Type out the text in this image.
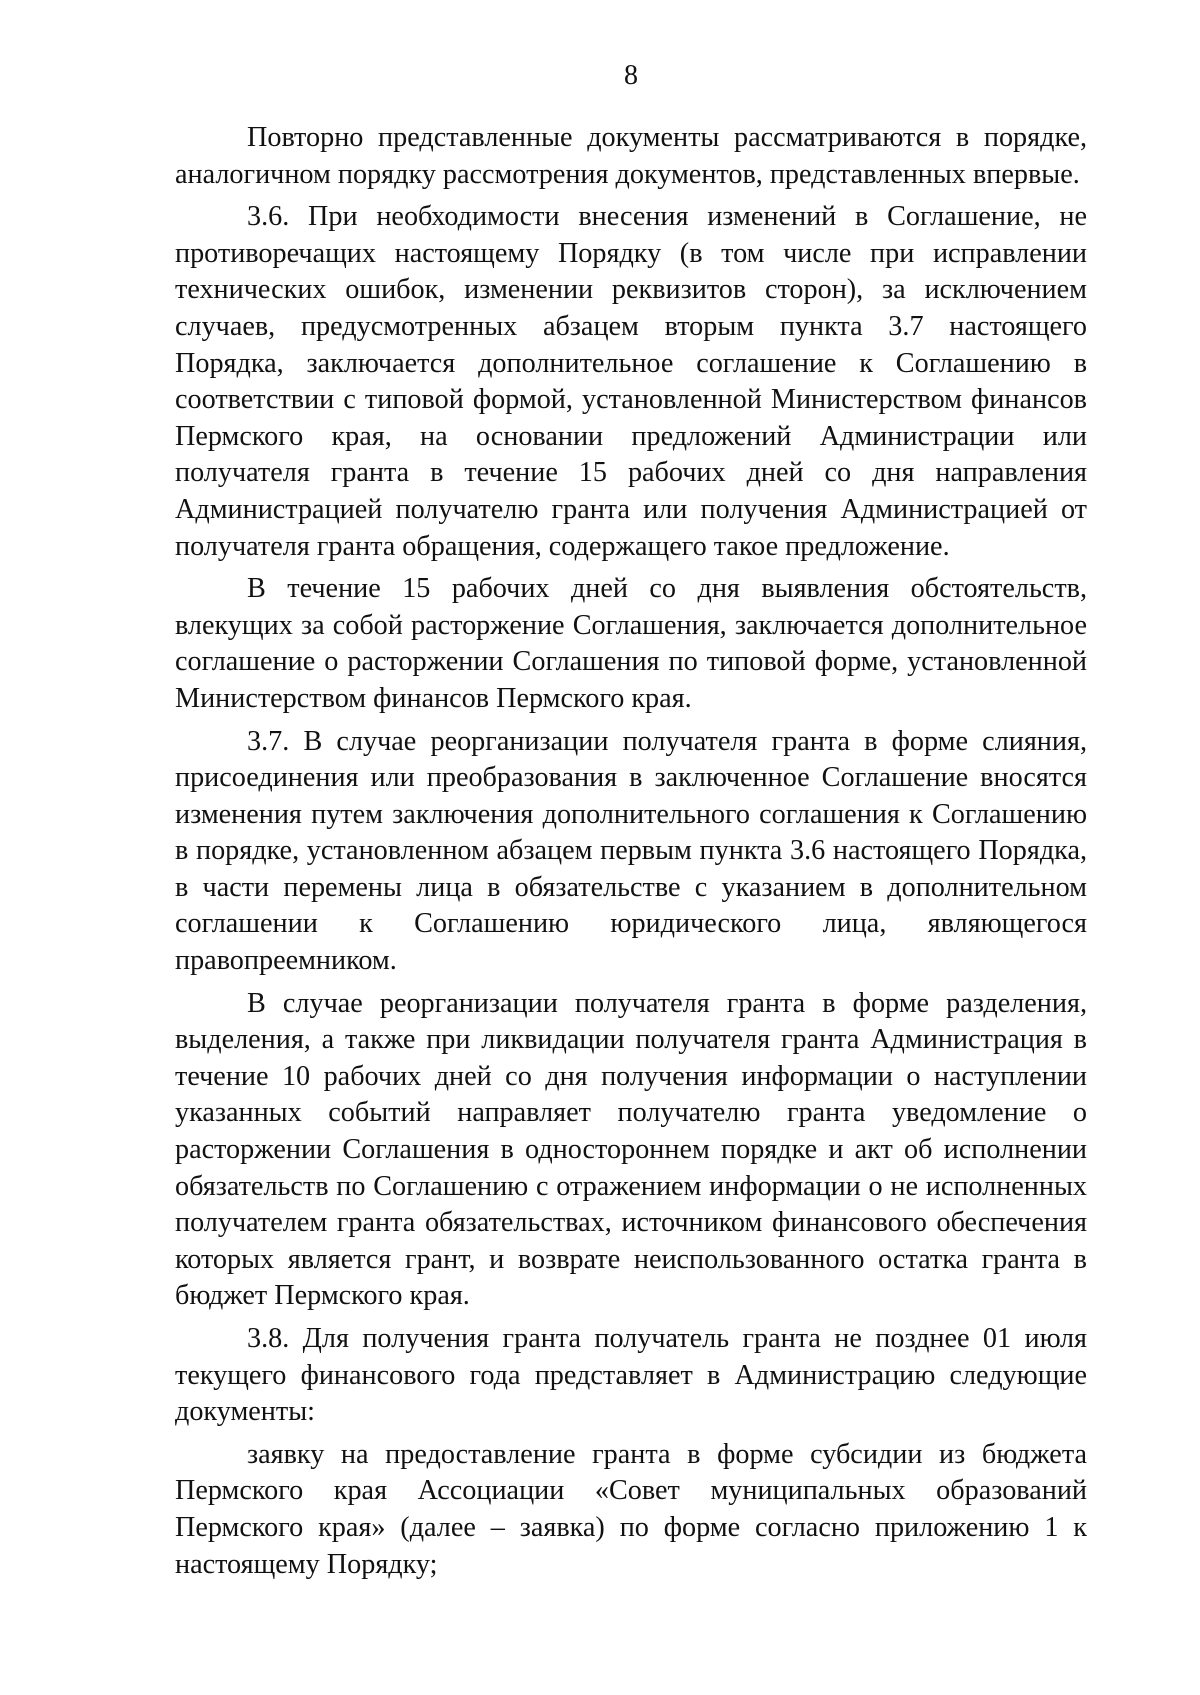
8

Повторно представленные документы рассматриваются в порядке, аналогичном порядку рассмотрения документов, представленных впервые.

3.6. При необходимости внесения изменений в Соглашение, не противоречащих настоящему Порядку (в том числе при исправлении технических ошибок, изменении реквизитов сторон), за исключением случаев, предусмотренных абзацем вторым пункта 3.7 настоящего Порядка, заключается дополнительное соглашение к Соглашению в соответствии с типовой формой, установленной Министерством финансов Пермского края, на основании предложений Администрации или получателя гранта в течение 15 рабочих дней со дня направления Администрацией получателю гранта или получения Администрацией от получателя гранта обращения, содержащего такое предложение.

В течение 15 рабочих дней со дня выявления обстоятельств, влекущих за собой расторжение Соглашения, заключается дополнительное соглашение о расторжении Соглашения по типовой форме, установленной Министерством финансов Пермского края.

3.7. В случае реорганизации получателя гранта в форме слияния, присоединения или преобразования в заключенное Соглашение вносятся изменения путем заключения дополнительного соглашения к Соглашению в порядке, установленном абзацем первым пункта 3.6 настоящего Порядка, в части перемены лица в обязательстве с указанием в дополнительном соглашении к Соглашению юридического лица, являющегося правопреемником.

В случае реорганизации получателя гранта в форме разделения, выделения, а также при ликвидации получателя гранта Администрация в течение 10 рабочих дней со дня получения информации о наступлении указанных событий направляет получателю гранта уведомление о расторжении Соглашения в одностороннем порядке и акт об исполнении обязательств по Соглашению с отражением информации о не исполненных получателем гранта обязательствах, источником финансового обеспечения которых является грант, и возврате неиспользованного остатка гранта в бюджет Пермского края.

3.8. Для получения гранта получатель гранта не позднее 01 июля текущего финансового года представляет в Администрацию следующие документы:

заявку на предоставление гранта в форме субсидии из бюджета Пермского края Ассоциации «Совет муниципальных образований Пермского края» (далее – заявка) по форме согласно приложению 1 к настоящему Порядку;
